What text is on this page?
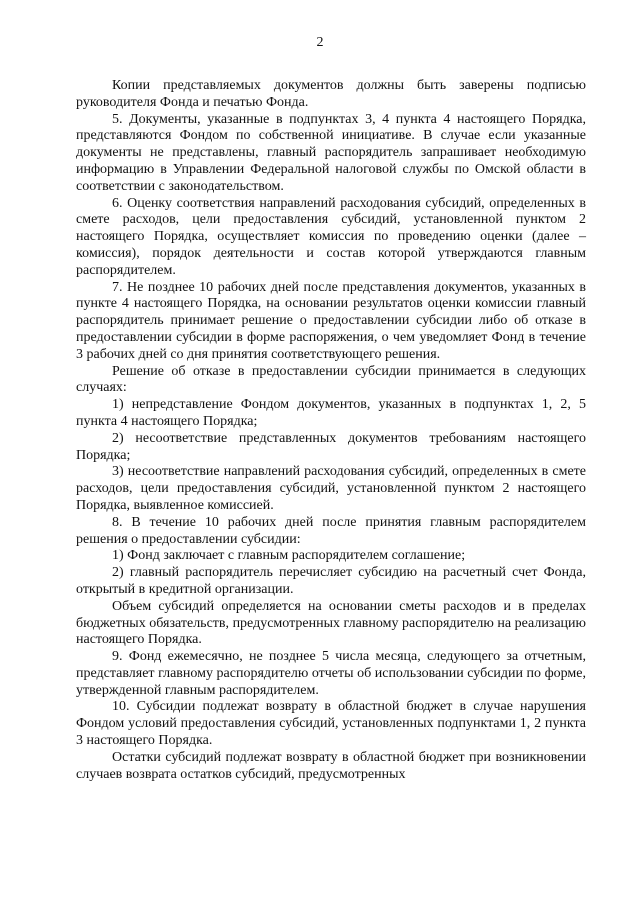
2

Копии представляемых документов должны быть заверены подписью руководителя Фонда и печатью Фонда.

5. Документы, указанные в подпунктах 3, 4 пункта 4 настоящего Порядка, представляются Фондом по собственной инициативе. В случае если указанные документы не представлены, главный распорядитель запрашивает необходимую информацию в Управлении Федеральной налоговой службы по Омской области в соответствии с законодательством.

6. Оценку соответствия направлений расходования субсидий, определенных в смете расходов, цели предоставления субсидий, установленной пунктом 2 настоящего Порядка, осуществляет комиссия по проведению оценки (далее – комиссия), порядок деятельности и состав которой утверждаются главным распорядителем.

7. Не позднее 10 рабочих дней после представления документов, указанных в пункте 4 настоящего Порядка, на основании результатов оценки комиссии главный распорядитель принимает решение о предоставлении субсидии либо об отказе в предоставлении субсидии в форме распоряжения, о чем уведомляет Фонд в течение 3 рабочих дней со дня принятия соответствующего решения.

Решение об отказе в предоставлении субсидии принимается в следующих случаях:

1) непредставление Фондом документов, указанных в подпунктах 1, 2, 5 пункта 4 настоящего Порядка;

2) несоответствие представленных документов требованиям настоящего Порядка;

3) несоответствие направлений расходования субсидий, определенных в смете расходов, цели предоставления субсидий, установленной пунктом 2 настоящего Порядка, выявленное комиссией.

8. В течение 10 рабочих дней после принятия главным распорядителем решения о предоставлении субсидии:

1) Фонд заключает с главным распорядителем соглашение;

2) главный распорядитель перечисляет субсидию на расчетный счет Фонда, открытый в кредитной организации.

Объем субсидий определяется на основании сметы расходов и в пределах бюджетных обязательств, предусмотренных главному распорядителю на реализацию настоящего Порядка.

9. Фонд ежемесячно, не позднее 5 числа месяца, следующего за отчетным, представляет главному распорядителю отчеты об использовании субсидии по форме, утвержденной главным распорядителем.

10. Субсидии подлежат возврату в областной бюджет в случае нарушения Фондом условий предоставления субсидий, установленных подпунктами 1, 2 пункта 3 настоящего Порядка.

Остатки субсидий подлежат возврату в областной бюджет при возникновении случаев возврата остатков субсидий, предусмотренных
